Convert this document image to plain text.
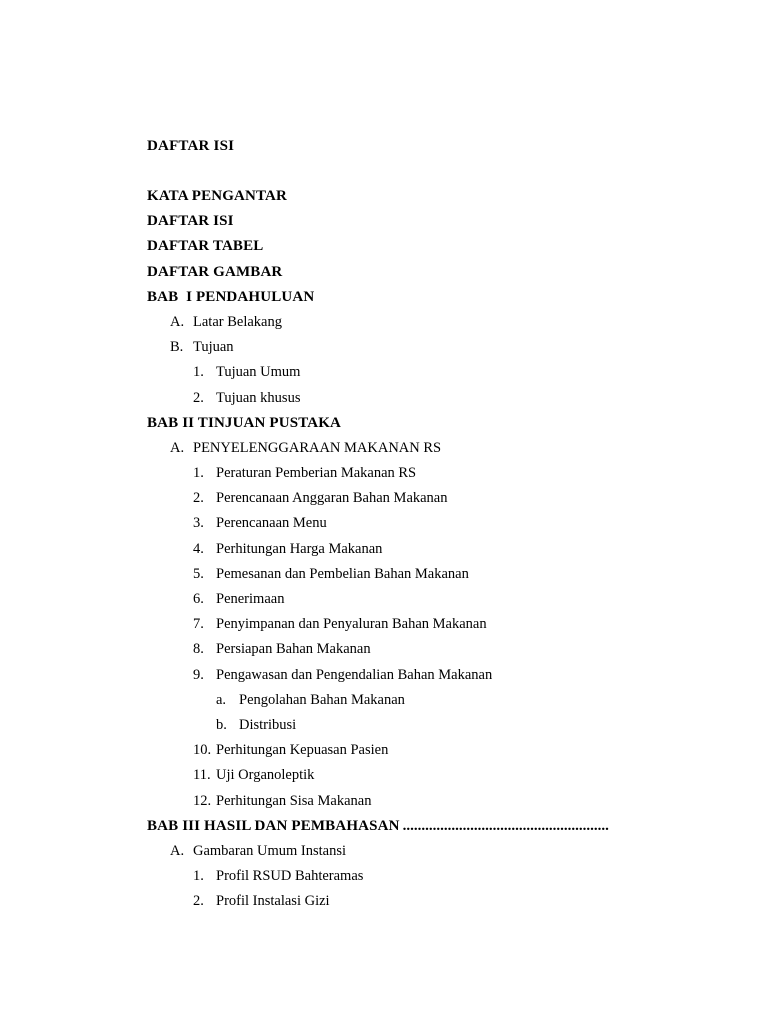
DAFTAR ISI
KATA PENGANTAR
DAFTAR ISI
DAFTAR TABEL
DAFTAR GAMBAR
BAB  I PENDAHULUAN
A. Latar Belakang
B. Tujuan
1. Tujuan Umum
2. Tujuan khusus
BAB II TINJUAN PUSTAKA
A. PENYELENGGARAAN MAKANAN RS
1. Peraturan Pemberian Makanan RS
2. Perencanaan Anggaran Bahan Makanan
3. Perencanaan Menu
4. Perhitungan Harga Makanan
5. Pemesanan dan Pembelian Bahan Makanan
6. Penerimaan
7. Penyimpanan dan Penyaluran Bahan Makanan
8. Persiapan Bahan Makanan
9. Pengawasan dan Pengendalian Bahan Makanan
a. Pengolahan Bahan Makanan
b. Distribusi
10. Perhitungan Kepuasan Pasien
11. Uji Organoleptik
12. Perhitungan Sisa Makanan
BAB III HASIL DAN PEMBAHASAN .......................................................
A. Gambaran Umum Instansi
1. Profil RSUD Bahteramas
2. Profil Instalasi Gizi
